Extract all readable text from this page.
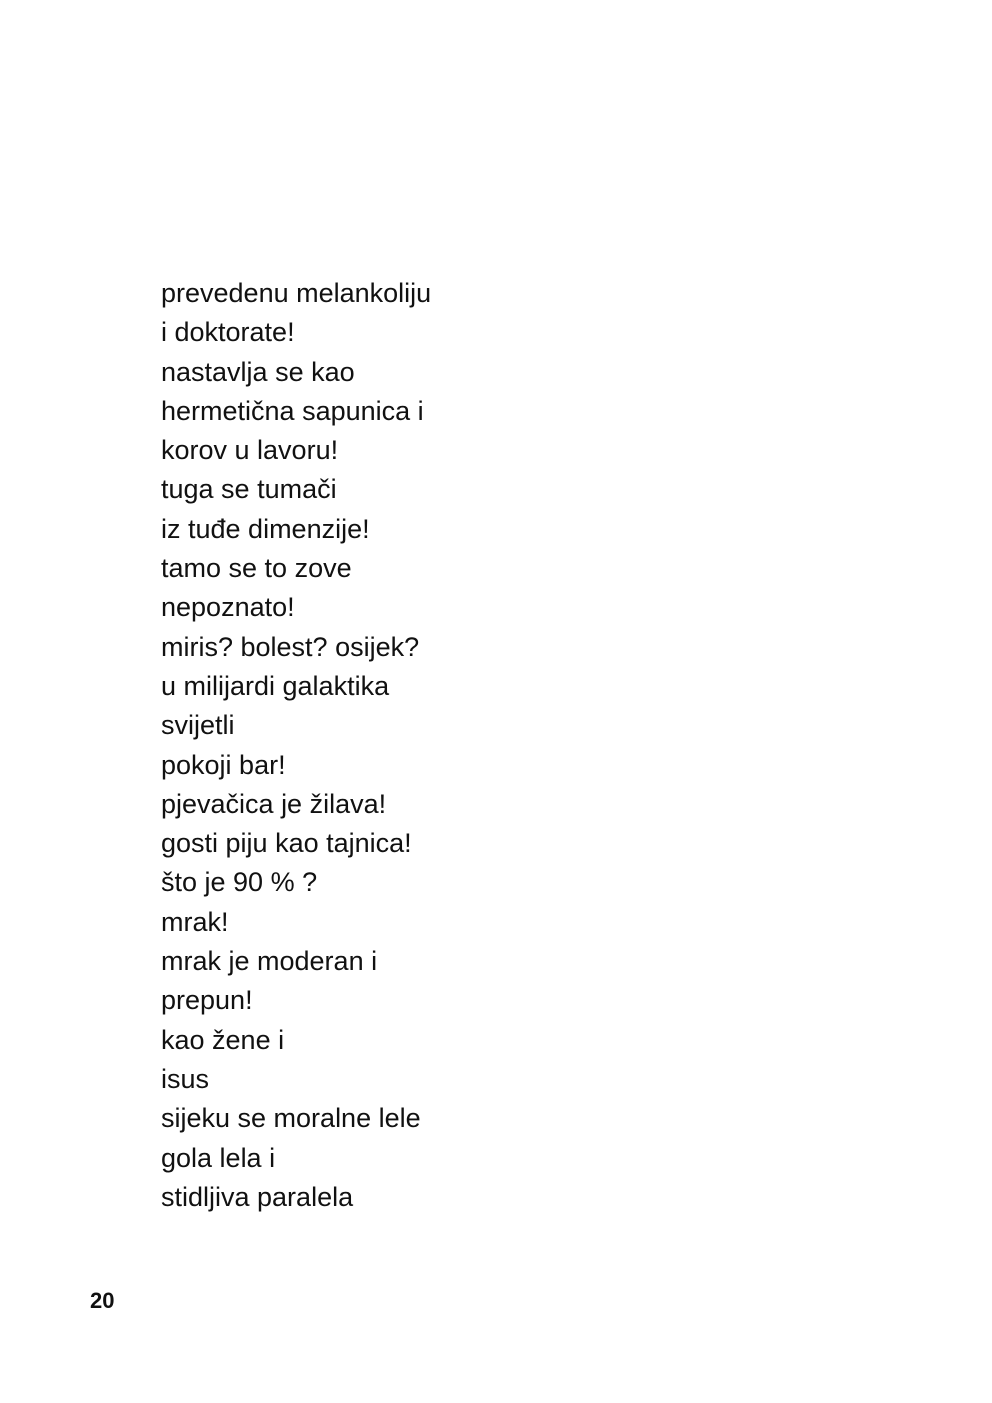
prevedenu melankoliju
i doktorate!
nastavlja se kao
hermetična sapunica i
korov u lavoru!
tuga se tumači
iz tuđe dimenzije!
tamo se to zove
nepoznato!
miris? bolest? osijek?
u milijardi galaktika
svijetli
pokoji bar!
pjevačica je žilava!
gosti piju kao tajnica!
što je 90 % ?
mrak!
mrak je moderan i
prepun!
kao žene i
isus
sijeku se moralne lele
gola lela i
stidljiva paralela
20
